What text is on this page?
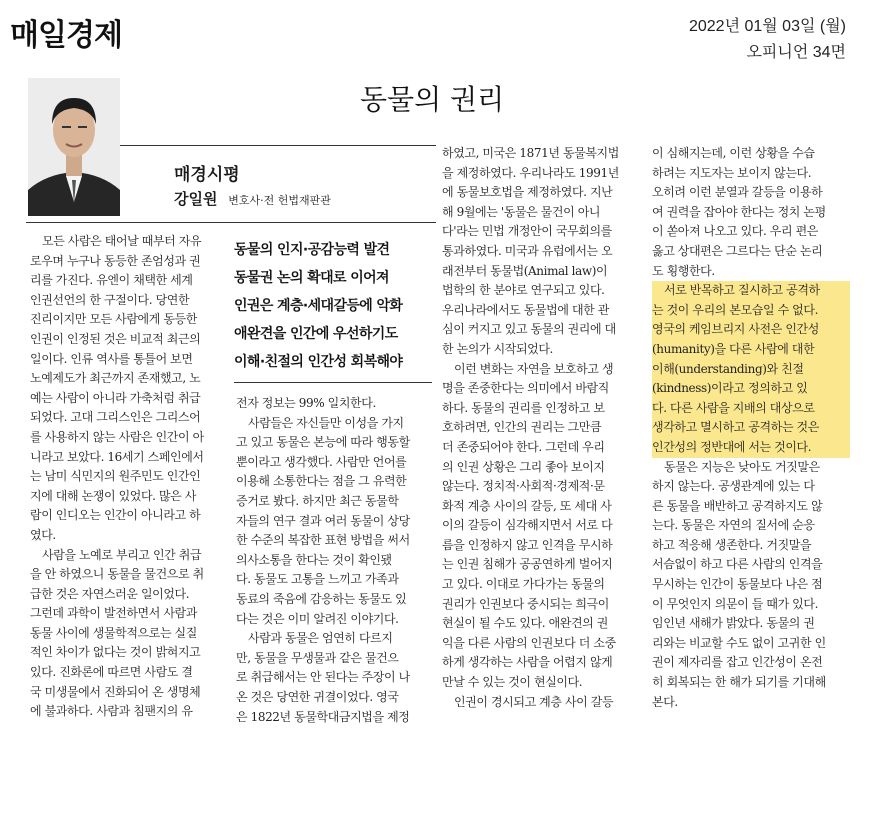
매일경제	2022년 01월 03일 (월)
오피니언 34면
동물의 권리
매경시평
강일원 변호사·전 헌법재판관
동물의 인지·공감능력 발견
동물권 논의 확대로 이어져
인권은 계층·세대갈등에 악화
애완견을 인간에 우선하기도
이해·친절의 인간성 회복해야
모든 사람은 태어날 때부터 자유
로우며 누구나 동등한 존엄성과 권
리를 가진다. 유엔이 채택한 세계
인권선언의 한 구절이다. 당연한
진리이지만 모든 사람에게 동등한
인권이 인정된 것은 비교적 최근의
일이다. 인류 역사를 통틀어 보면
노예제도가 최근까지 존재했고, 노
예는 사람이 아니라 가축처럼 취급
되었다. 고대 그리스인은 그리스어
를 사용하지 않는 사람은 인간이 아
니라고 보았다. 16세기 스페인에서
는 남미 식민지의 원주민도 인간인
지에 대해 논쟁이 있었다. 많은 사
람이 인디오는 인간이 아니라고 하
였다.
사람을 노예로 부리고 인간 취급
을 안 하였으니 동물을 물건으로 취
급한 것은 자연스러운 일이었다.
그런데 과학이 발전하면서 사람과
동물 사이에 생물학적으로는 실질
적인 차이가 없다는 것이 밝혀지고
있다. 진화론에 따르면 사람도 결
국 미생물에서 진화되어 온 생명체
에 불과하다. 사람과 침팬지의 유
전자 정보는 99% 일치한다.
사람들은 자신들만 이성을 가지
고 있고 동물은 본능에 따라 행동할
뿐이라고 생각했다. 사람만 언어를
이용해 소통한다는 점을 그 유력한
증거로 봤다. 하지만 최근 동물학
자들의 연구 결과 여러 동물이 상당
한 수준의 복잡한 표현 방법을 써서
의사소통을 한다는 것이 확인됐
다. 동물도 고통을 느끼고 가족과
동료의 죽음에 감응하는 동물도 있
다는 것은 이미 알려진 이야기다.
사람과 동물은 엄연히 다르지
만, 동물을 무생물과 같은 물건으
로 취급해서는 안 된다는 주장이 나
온 것은 당연한 귀결이었다. 영국
은 1822년 동물학대금지법을 제정
하였고, 미국은 1871년 동물복지법
을 제정하였다. 우리나라도 1991년
에 동물보호법을 제정하였다. 지난
해 9월에는 '동물은 물건이 아니
다'라는 민법 개정안이 국무회의를
통과하였다. 미국과 유럽에서는 오
래전부터 동물법(Animal law)이
법학의 한 분야로 연구되고 있다.
우리나라에서도 동물법에 대한 관
심이 커지고 있고 동물의 권리에 대
한 논의가 시작되었다.
이런 변화는 자연을 보호하고 생
명을 존중한다는 의미에서 바람직
하다. 동물의 권리를 인정하고 보
호하려면, 인간의 권리는 그만큼
더 존중되어야 한다. 그런데 우리
의 인권 상황은 그리 좋아 보이지
않는다. 정치적·사회적·경제적·문
화적 계층 사이의 갈등, 또 세대 사
이의 갈등이 심각해지면서 서로 다
름을 인정하지 않고 인격을 무시하
는 인권 침해가 공공연하게 벌어지
고 있다. 이대로 가다가는 동물의
권리가 인권보다 중시되는 희극이
현실이 될 수도 있다. 애완견의 권
익을 다른 사람의 인권보다 더 소중
하게 생각하는 사람을 어렵지 않게
만날 수 있는 것이 현실이다.
인권이 경시되고 계층 사이 갈등
이 심해지는데, 이런 상황을 수습
하려는 지도자는 보이지 않는다.
오히려 이런 분열과 갈등을 이용하
여 권력을 잡아야 한다는 정치 논평
이 쏟아져 나오고 있다. 우리 편은
옳고 상대편은 그르다는 단순 논리
도 횡행한다.
서로 반목하고 질시하고 공격하
는 것이 우리의 본모습일 수 없다.
영국의 케임브리지 사전은 인간성
(humanity)을 다른 사람에 대한
이해(understanding)와 친절
(kindness)이라고 정의하고 있
다. 다른 사람을 지배의 대상으로
생각하고 멸시하고 공격하는 것은
인간성의 정반대에 서는 것이다.
동물은 지능은 낮아도 거짓말은
하지 않는다. 공생관계에 있는 다
른 동물을 배반하고 공격하지도 않
는다. 동물은 자연의 질서에 순응
하고 적응해 생존한다. 거짓말을
서슴없이 하고 다른 사람의 인격을
무시하는 인간이 동물보다 나은 점
이 무엇인지 의문이 들 때가 있다.
임인년 새해가 밝았다. 동물의 권
리와는 비교할 수도 없이 고귀한 인
권이 제자리를 잡고 인간성이 온전
히 회복되는 한 해가 되기를 기대해
본다.
